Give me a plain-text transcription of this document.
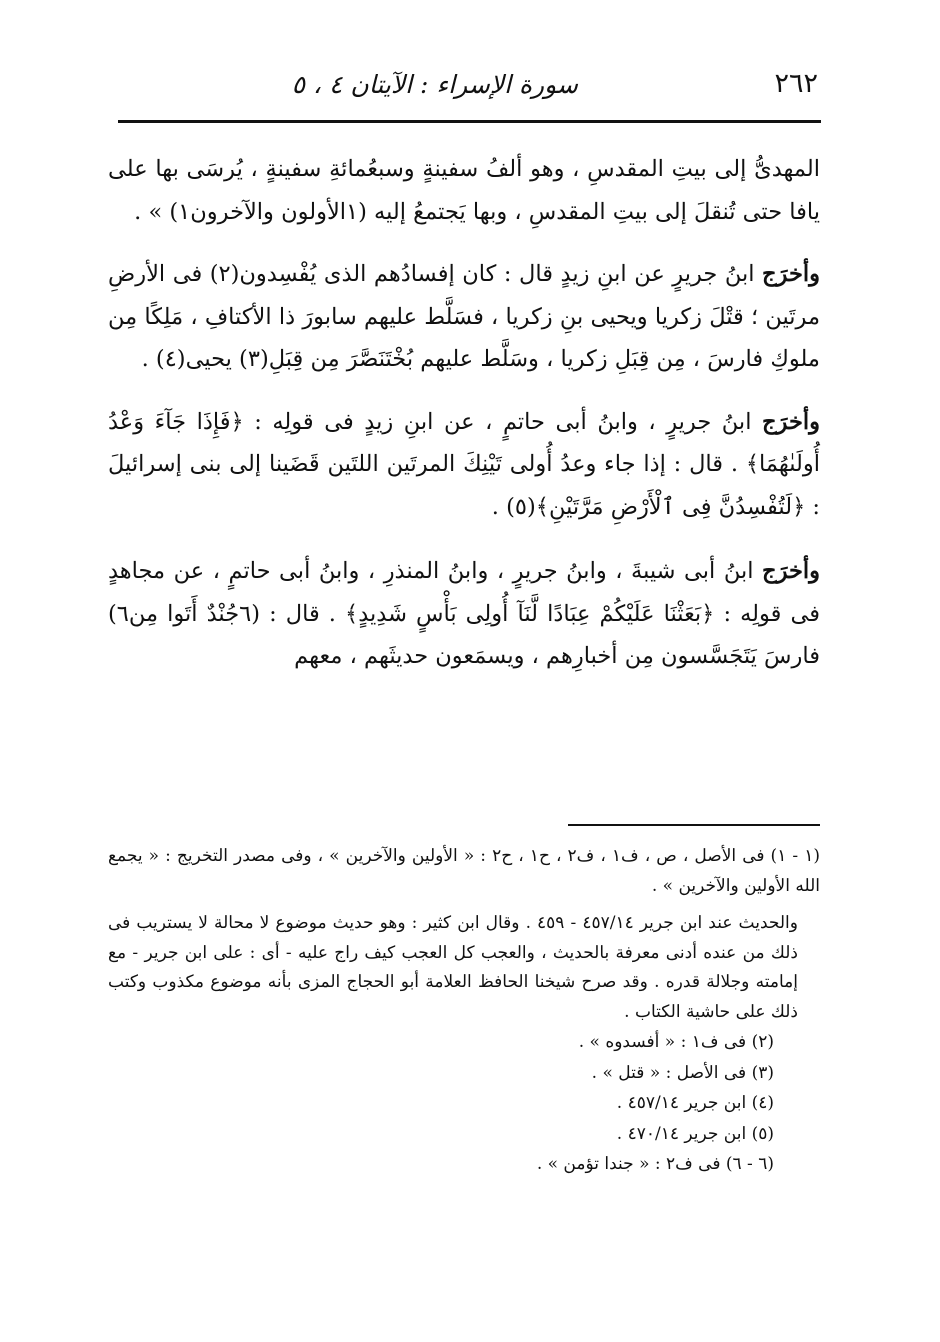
٢٦٢
سورة الإسراء : الآيتان ٤ ، ٥

المهدىُّ إلى بيتِ المقدسِ ، وهو ألفُ سفينةٍ وسبعُمائةِ سفينةٍ ، يُرسَى بها على يافا حتى تُنقلَ إلى بيتِ المقدسِ ، وبها يَجتمعُ إليه (١الأولون والآخرون١) » .

وأخرَج ابنُ جريرٍ عن ابنِ زيدٍ قال : كان إفسادُهم الذى يُفْسِدون(٢) فى الأرضِ مرتَين ؛ قتْلَ زكريا ويحيى بنِ زكريا ، فسَلَّط عليهم سابورَ ذا الأكتافِ ، مَلِكًا مِن ملوكِ فارسَ ، مِن قِبَلِ زكريا ، وسَلَّط عليهم بُخْتَنَصَّرَ مِن قِبَلِ(٣) يحيى(٤) .

وأخرَج ابنُ جريرٍ ، وابنُ أبى حاتمٍ ، عن ابنِ زيدٍ فى قولِه : ﴿فَإِذَا جَآءَ وَعْدُ أُولَىٰهُمَا﴾ . قال : إذا جاء وعدُ أُولى تَيْنِكَ المرتَين اللتَين قَضَينا إلى بنى إسرائيلَ : ﴿لَتُفْسِدُنَّ فِى ٱلْأَرْضِ مَرَّتَيْنِ﴾(٥) .

وأخرَج ابنُ أبى شيبةَ ، وابنُ جريرٍ ، وابنُ المنذرِ ، وابنُ أبى حاتمٍ ، عن مجاهدٍ فى قولِه : ﴿بَعَثْنَا عَلَيْكُمْ عِبَادًا لَّنَآ أُولِى بَأْسٍ شَدِيدٍ﴾ . قال : (٦جُنْدٌ أَتَوا مِن٦) فارسَ يَتَجَسَّسون مِن أخبارِهم ، ويسمَعون حديثَهم ، معهم

(١ - ١) فى الأصل ، ص ، ف١ ، ف٢ ، ح١ ، ح٢ : « الأولين والآخرين » ، وفى مصدر التخريج : « يجمع الله الأولين والآخرين » .

والحديث عند ابن جرير ٤٥٧/١٤ - ٤٥٩ . وقال ابن كثير : وهو حديث موضوع لا محالة لا يستريب فى ذلك من عنده أدنى معرفة بالحديث ، والعجب كل العجب كيف راج عليه - أى : على ابن جرير - مع إمامته وجلالة قدره . وقد صرح شيخنا الحافظ العلامة أبو الحجاج المزى بأنه موضوع مكذوب وكتب ذلك على حاشية الكتاب .

(٢) فى ف١ : « أفسدوه » .

(٣) فى الأصل : « قتل » .

(٤) ابن جرير ٤٥٧/١٤ .

(٥) ابن جرير ٤٧٠/١٤ .

(٦ - ٦) فى ف٢ : « جندا تؤمن » .
